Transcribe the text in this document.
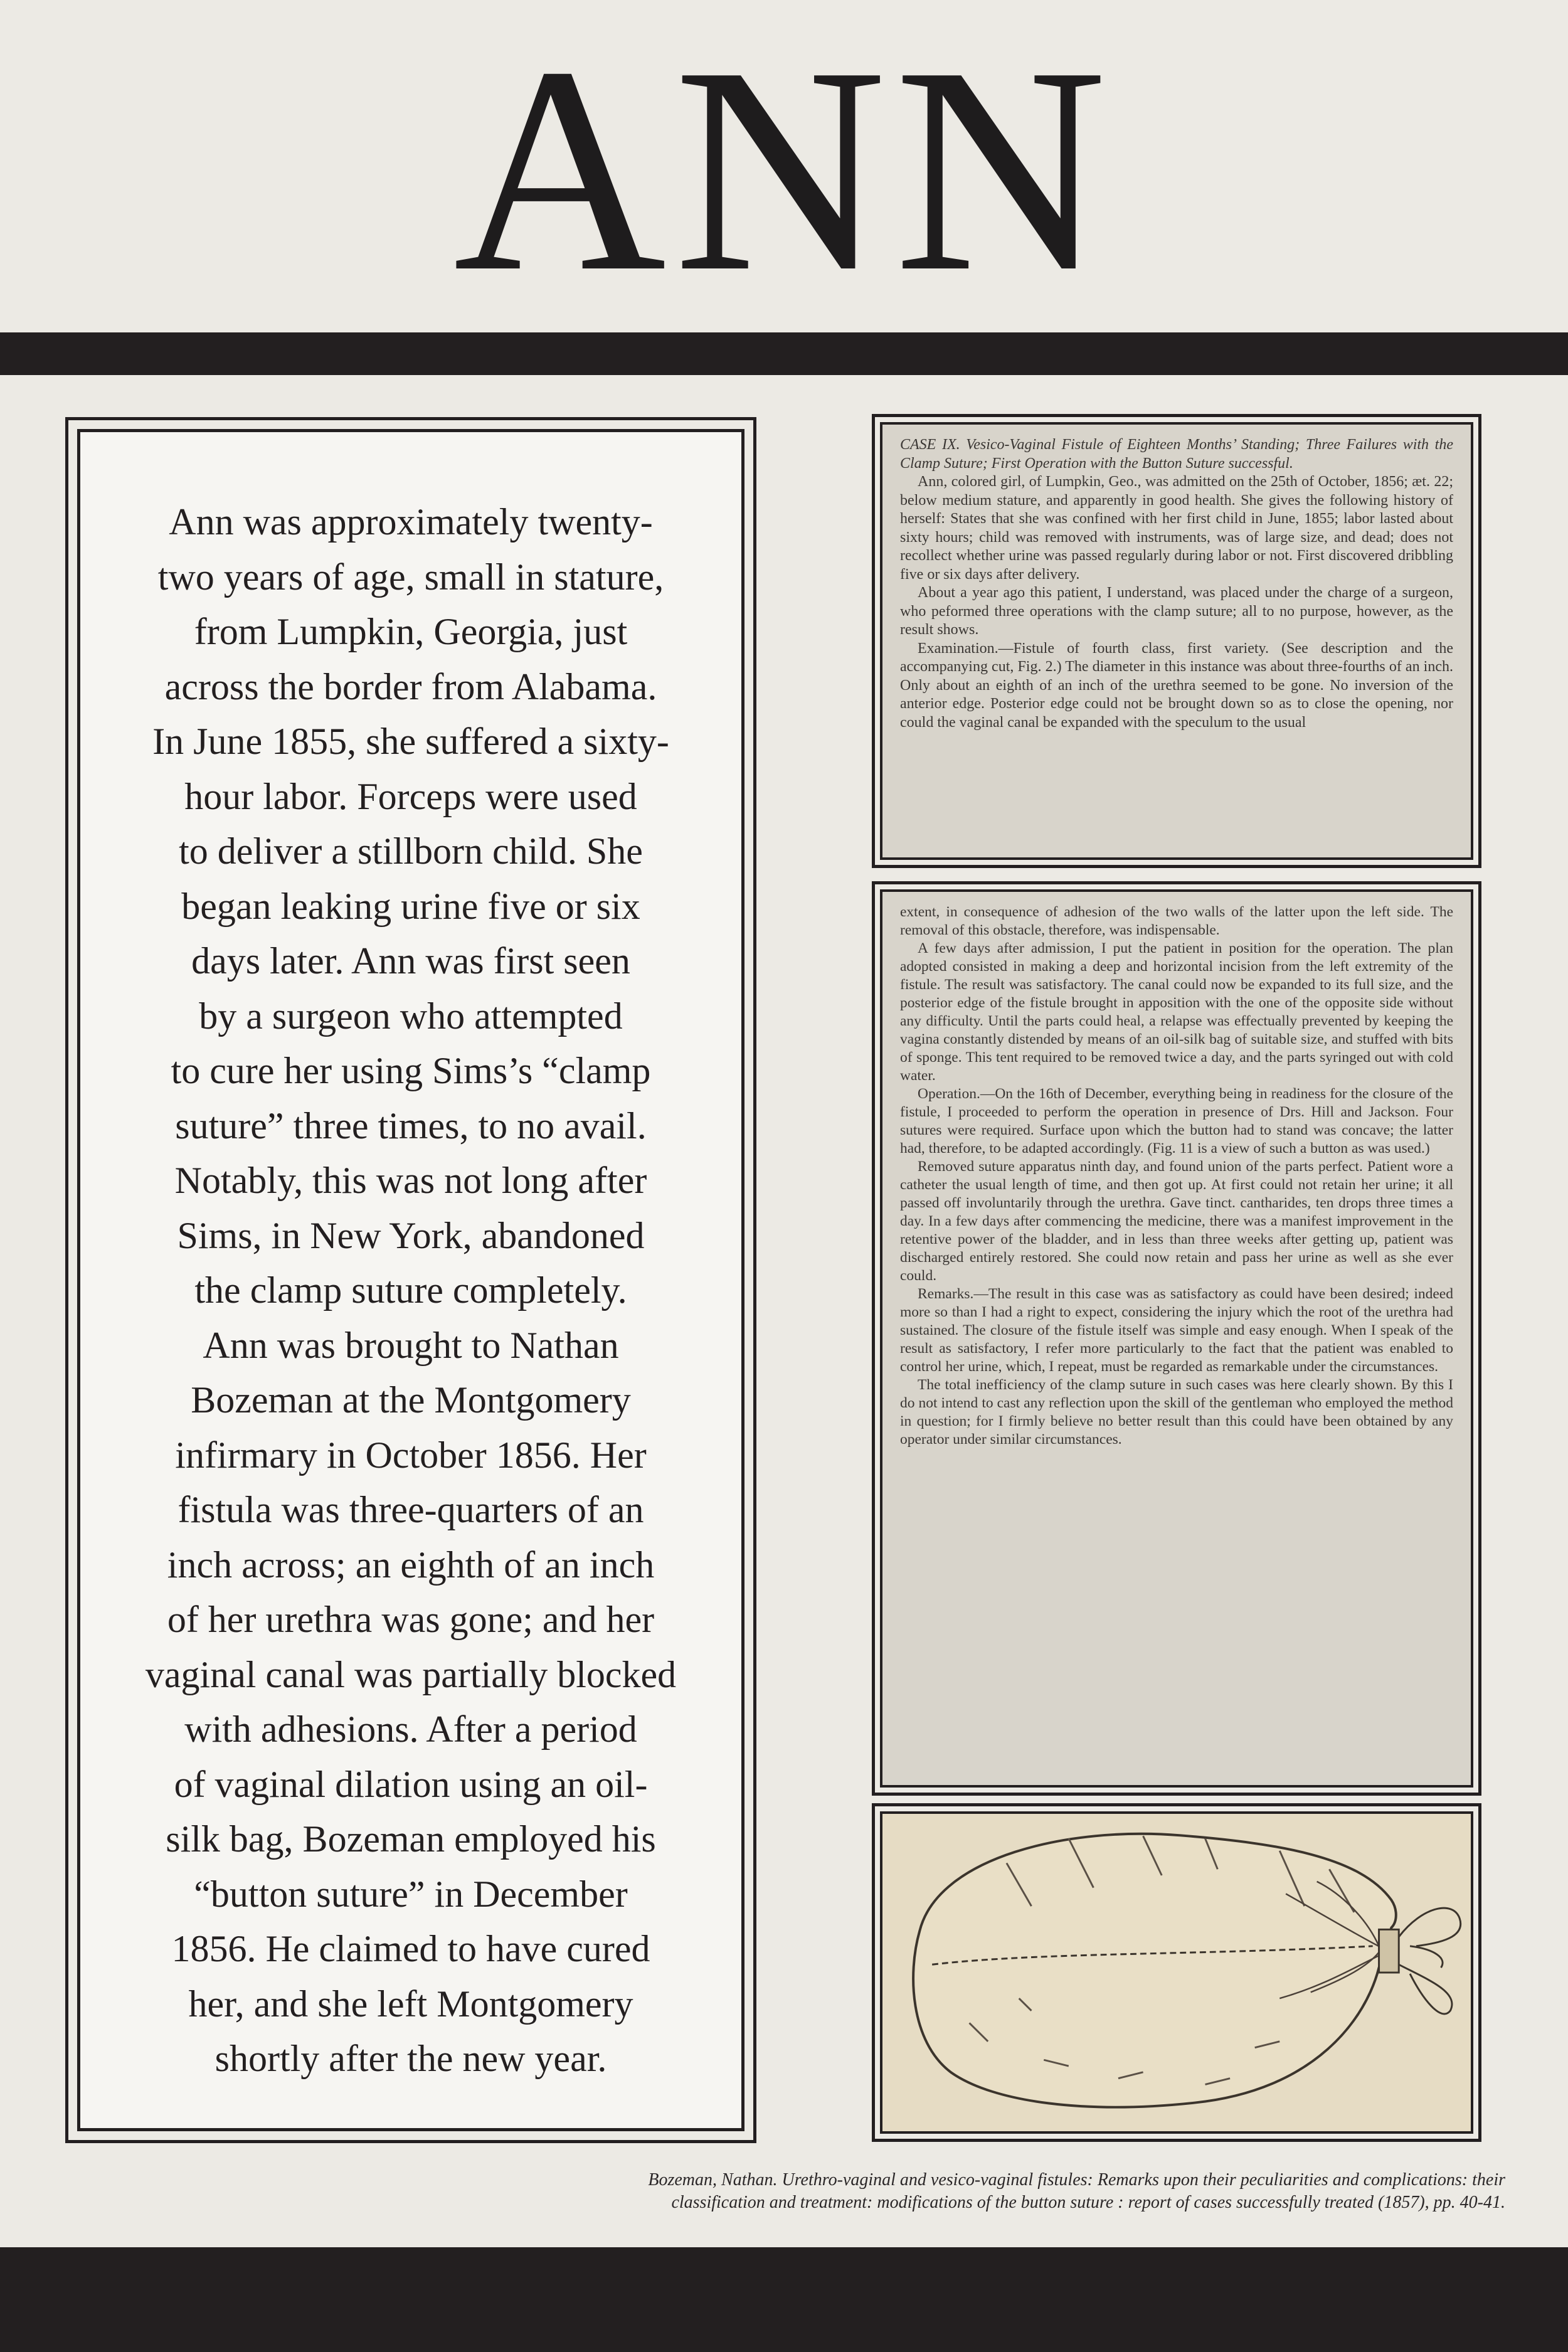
ANN
Ann was approximately twenty-
two years of age, small in stature,
from Lumpkin, Georgia, just
across the border from Alabama.
In June 1855, she suffered a sixty-
hour labor. Forceps were used
to deliver a stillborn child. She
began leaking urine five or six
days later. Ann was first seen
by a surgeon who attempted
to cure her using Sims’s “clamp
suture” three times, to no avail.
Notably, this was not long after
Sims, in New York, abandoned
the clamp suture completely.
Ann was brought to Nathan
Bozeman at the Montgomery
infirmary in October 1856. Her
fistula was three-quarters of an
inch across; an eighth of an inch
of her urethra was gone; and her
vaginal canal was partially blocked
with adhesions. After a period
of vaginal dilation using an oil-
silk bag, Bozeman employed his
“button suture” in December
1856. He claimed to have cured
her, and she left Montgomery
shortly after the new year.

CASE IX. Vesico-Vaginal Fistule of Eighteen Months’ Standing; Three Failures with the Clamp Suture; First Operation with the Button Suture successful.

Ann, colored girl, of Lumpkin, Geo., was admitted on the 25th of October, 1856; æt. 22; below medium stature, and apparently in good health. She gives the following history of herself: States that she was confined with her first child in June, 1855; labor lasted about sixty hours; child was removed with instruments, was of large size, and dead; does not recollect whether urine was passed regularly during labor or not. First discovered dribbling five or six days after delivery.

About a year ago this patient, I understand, was placed under the charge of a surgeon, who peformed three operations with the clamp suture; all to no purpose, however, as the result shows.

Examination.—Fistule of fourth class, first variety. (See description and the accompanying cut, Fig. 2.) The diameter in this instance was about three-fourths of an inch. Only about an eighth of an inch of the urethra seemed to be gone. No inversion of the anterior edge. Posterior edge could not be brought down so as to close the opening, nor could the vaginal canal be expanded with the speculum to the usual

extent, in consequence of adhesion of the two walls of the latter upon the left side. The removal of this obstacle, therefore, was indispensable.

A few days after admission, I put the patient in position for the operation. The plan adopted consisted in making a deep and horizontal incision from the left extremity of the fistule. The result was satisfactory. The canal could now be expanded to its full size, and the posterior edge of the fistule brought in apposition with the one of the opposite side without any difficulty. Until the parts could heal, a relapse was effectually prevented by keeping the vagina constantly distended by means of an oil-silk bag of suitable size, and stuffed with bits of sponge. This tent required to be removed twice a day, and the parts syringed out with cold water.

Operation.—On the 16th of December, everything being in readiness for the closure of the fistule, I proceeded to perform the operation in presence of Drs. Hill and Jackson. Four sutures were required. Surface upon which the button had to stand was concave; the latter had, therefore, to be adapted accordingly. (Fig. 11 is a view of such a button as was used.)

Removed suture apparatus ninth day, and found union of the parts perfect. Patient wore a catheter the usual length of time, and then got up. At first could not retain her urine; it all passed off involuntarily through the urethra. Gave tinct. cantharides, ten drops three times a day. In a few days after commencing the medicine, there was a manifest improvement in the retentive power of the bladder, and in less than three weeks after getting up, patient was discharged entirely restored. She could now retain and pass her urine as well as she ever could.

Remarks.—The result in this case was as satisfactory as could have been desired; indeed more so than I had a right to expect, considering the injury which the root of the urethra had sustained. The closure of the fistule itself was simple and easy enough. When I speak of the result as satisfactory, I refer more particularly to the fact that the patient was enabled to control her urine, which, I repeat, must be regarded as remarkable under the circumstances.

The total inefficiency of the clamp suture in such cases was here clearly shown. By this I do not intend to cast any reflection upon the skill of the gentleman who employed the method in question; for I firmly believe no better result than this could have been obtained by any operator under similar circumstances.

Bozeman, Nathan. Urethro-vaginal and vesico-vaginal fistules: Remarks upon their peculiarities and complications: their
classification and treatment: modifications of the button suture : report of cases successfully treated (1857), pp. 40-41.
